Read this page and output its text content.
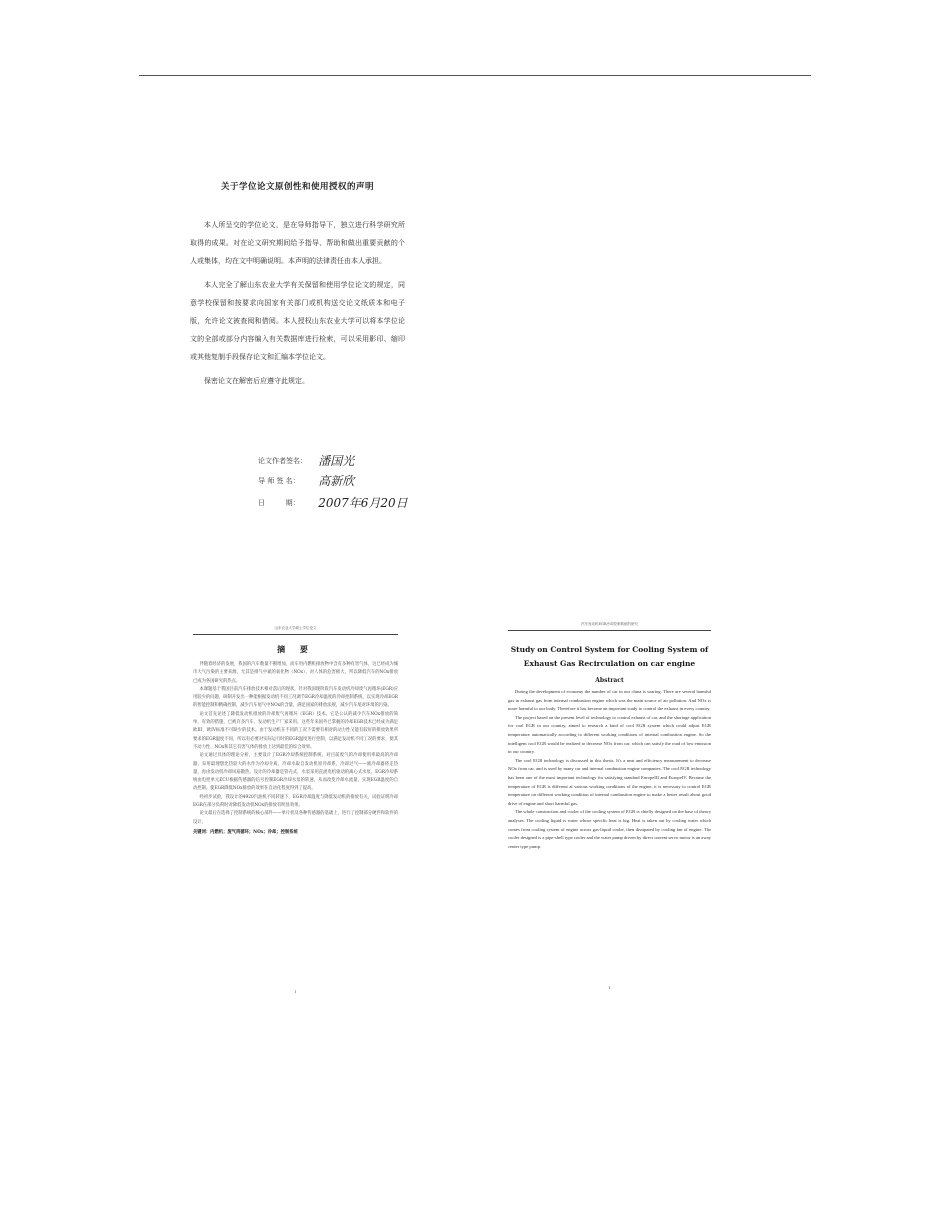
关于学位论文原创性和使用授权的声明

本人所呈交的学位论文，是在导师指导下，独立进行科学研究所取得的成果。对在论文研究期间给予指导、帮助和做出重要贡献的个人或集体，均在文中明确说明。本声明的法律责任由本人承担。

本人完全了解山东农业大学有关保留和使用学位论文的规定，同意学校保留和按要求向国家有关部门或机构送交论文纸质本和电子版，允许论文被查阅和借阅。本人授权山东农业大学可以将本学位论文的全部或部分内容编入有关数据库进行检索，可以采用影印、缩印或其他复制手段保存论文和汇编本学位论文。

保密论文在解密后应遵守此规定。

论文作者签名： 潘国光
导 师 签 名： 高新欣
日 　 　 期： 2007年6月20日
山东农业大学硕士学位论文
摘 要

伴随着经济的发展，我国的汽车数量不断增加，而车用内燃机排放物中含有多种有害气体，这已经成为城市大气污染的主要来源，尤其是排气中氮的氧化物（NOx），对人体的危害极大，所以降低汽车的NOx排放已成为各国研究的热点。

本课题基于我国目前汽车排放技术相对落后的现状，针对我国现阶段汽车发动机冷却废气再循环(EGR)应用较少的问题，研制开发出一种能根据发动机不同工况调节EGR冷却温度的冷却控制系统，以实现冷却EGR的智能控制和精确控制，减少汽车尾气中NOx的含量，满足国家的排放法规，减少汽车尾对环境的污染。

论文首先论述了降低发动机排放的冷却废气再循环（EGR）技术。它是公认的减少汽车NOx排放的简单、有效的措施，已被许多汽车、发动机生产厂家采用。这些年来国外已掌握的冷却EGR技术已经成为满足欧III、欧IV标准不可缺少的技术。由于发动机在不同的工况下需要有相对的动力性又能有较好的排放效果所要求的EGR温度不同，所以有必要对实际运行时的EGR温度进行控制，以满足发动机不同工况的要求，使其不动力性、NOx和其它有害气体的排放上达到最佳的综合效果。

论文通过具体的理论分析，主要设计了EGR冷却系统控制系统，对目前废气的冷却使用率最高的冷却器、采用最理想比热较大的水作为冷却介质，冷却水取自发动机原冷却系，冷却过气——液冷却器将走热量，再由发动机冷却风扇散热。设计的冷却器是管壳式，水泵采用直流电机驱动的离心式水泵。EGR冷却系统由电控单元ECU根据传感器的信号控制EGR冷却水泵的转速，从而改变冷却水流量，实现EGR温度的自动控制。使EGR降低NOx排放的效果在自动化程度得到了提高。

经初步试验，我设计的4920汽油机不同转速下，EGR冷却温度与降低发动机的排放有关，试验证明冷却EGR在部分负荷时对降低发动机NOx的排放有明显效果。

论文最后在选择了控制系统的核心部件——单片机及各种传感器的基础上，进行了控制部分硬件和软件的设计。

关键词：内燃机；废气再循环；NOx；冷却；控制系统
I
汽车发动机EGR冷却控制系统的研究
Study on Control System for Cooling System of Exhaust Gas Recirculation on car engine
Abstract

During the development of economy the number of car in our china is soaring. There are several harmful gas in exhaust gas from internal combustion engine which was the main source of air pollution. And NOx is more harmful to our body. Therefore it has become an important study to control the exhaust in every country.

The project based on the present level of technology to control exhaust of car, and the shortage application for cool EGR in our country, aimed to research a kind of cool EGR system which could adjust EGR temperature automatically according to different working conditions of internal combustion engine. So the intelligent cool EGR would be realized to decrease NOx from car, which can satisfy the road of low emission in our country.

The cool EGR technology is discussed in this thesis. It's a neat and efficiency measurement to decrease NOx from car, and is used by many car and internal combustion engine companies. The cool EGR technology has been one of the most important technology for satisfying standard EuropeIII and EuropeIV. Because the temperature of EGR is different at various working conditions of the engine, it is necessary to control EGR temperature on different working condition of internal combustion engine to make a better result about good drive of engine and short harmful gas.

The whole construction and cooler of the cooling system of EGR is chiefly designed on the base of theory analyses. The cooling liquid is water whose specific heat is big. Heat is taken out by cooling water which comes from cooling system of engine across gas-liquid cooler, then dissipated by cooling fan of engine. The cooler designed is a pipe-shell type cooler and the water pump driven by direct current servo motor is an away center type pump.

I
